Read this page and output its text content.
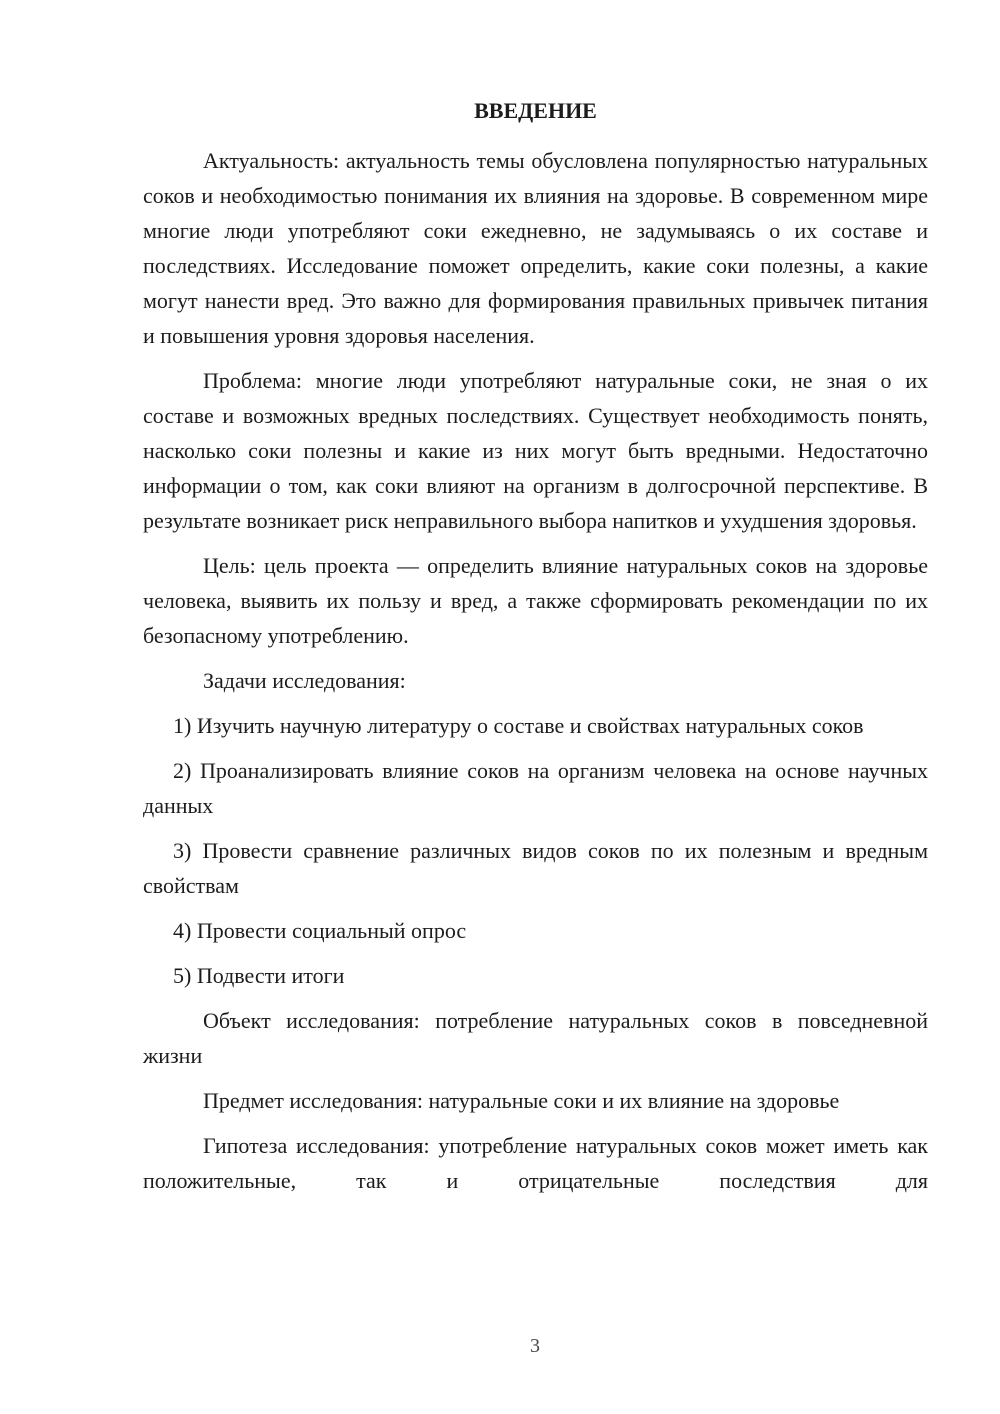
ВВЕДЕНИЕ

Актуальность: актуальность темы обусловлена популярностью натуральных соков и необходимостью понимания их влияния на здоровье. В современном мире многие люди употребляют соки ежедневно, не задумываясь о их составе и последствиях. Исследование поможет определить, какие соки полезны, а какие могут нанести вред. Это важно для формирования правильных привычек питания и повышения уровня здоровья населения.

Проблема: многие люди употребляют натуральные соки, не зная о их составе и возможных вредных последствиях. Существует необходимость понять, насколько соки полезны и какие из них могут быть вредными. Недостаточно информации о том, как соки влияют на организм в долгосрочной перспективе. В результате возникает риск неправильного выбора напитков и ухудшения здоровья.

Цель: цель проекта — определить влияние натуральных соков на здоровье человека, выявить их пользу и вред, а также сформировать рекомендации по их безопасному употреблению.

Задачи исследования:

1) Изучить научную литературу о составе и свойствах натуральных соков

2) Проанализировать влияние соков на организм человека на основе научных данных

3) Провести сравнение различных видов соков по их полезным и вредным свойствам

4) Провести социальный опрос

5) Подвести итоги

Объект исследования: потребление натуральных соков в повседневной жизни

Предмет исследования: натуральные соки и их влияние на здоровье

Гипотеза исследования: употребление натуральных соков может иметь как положительные, так и отрицательные последствия для

3
